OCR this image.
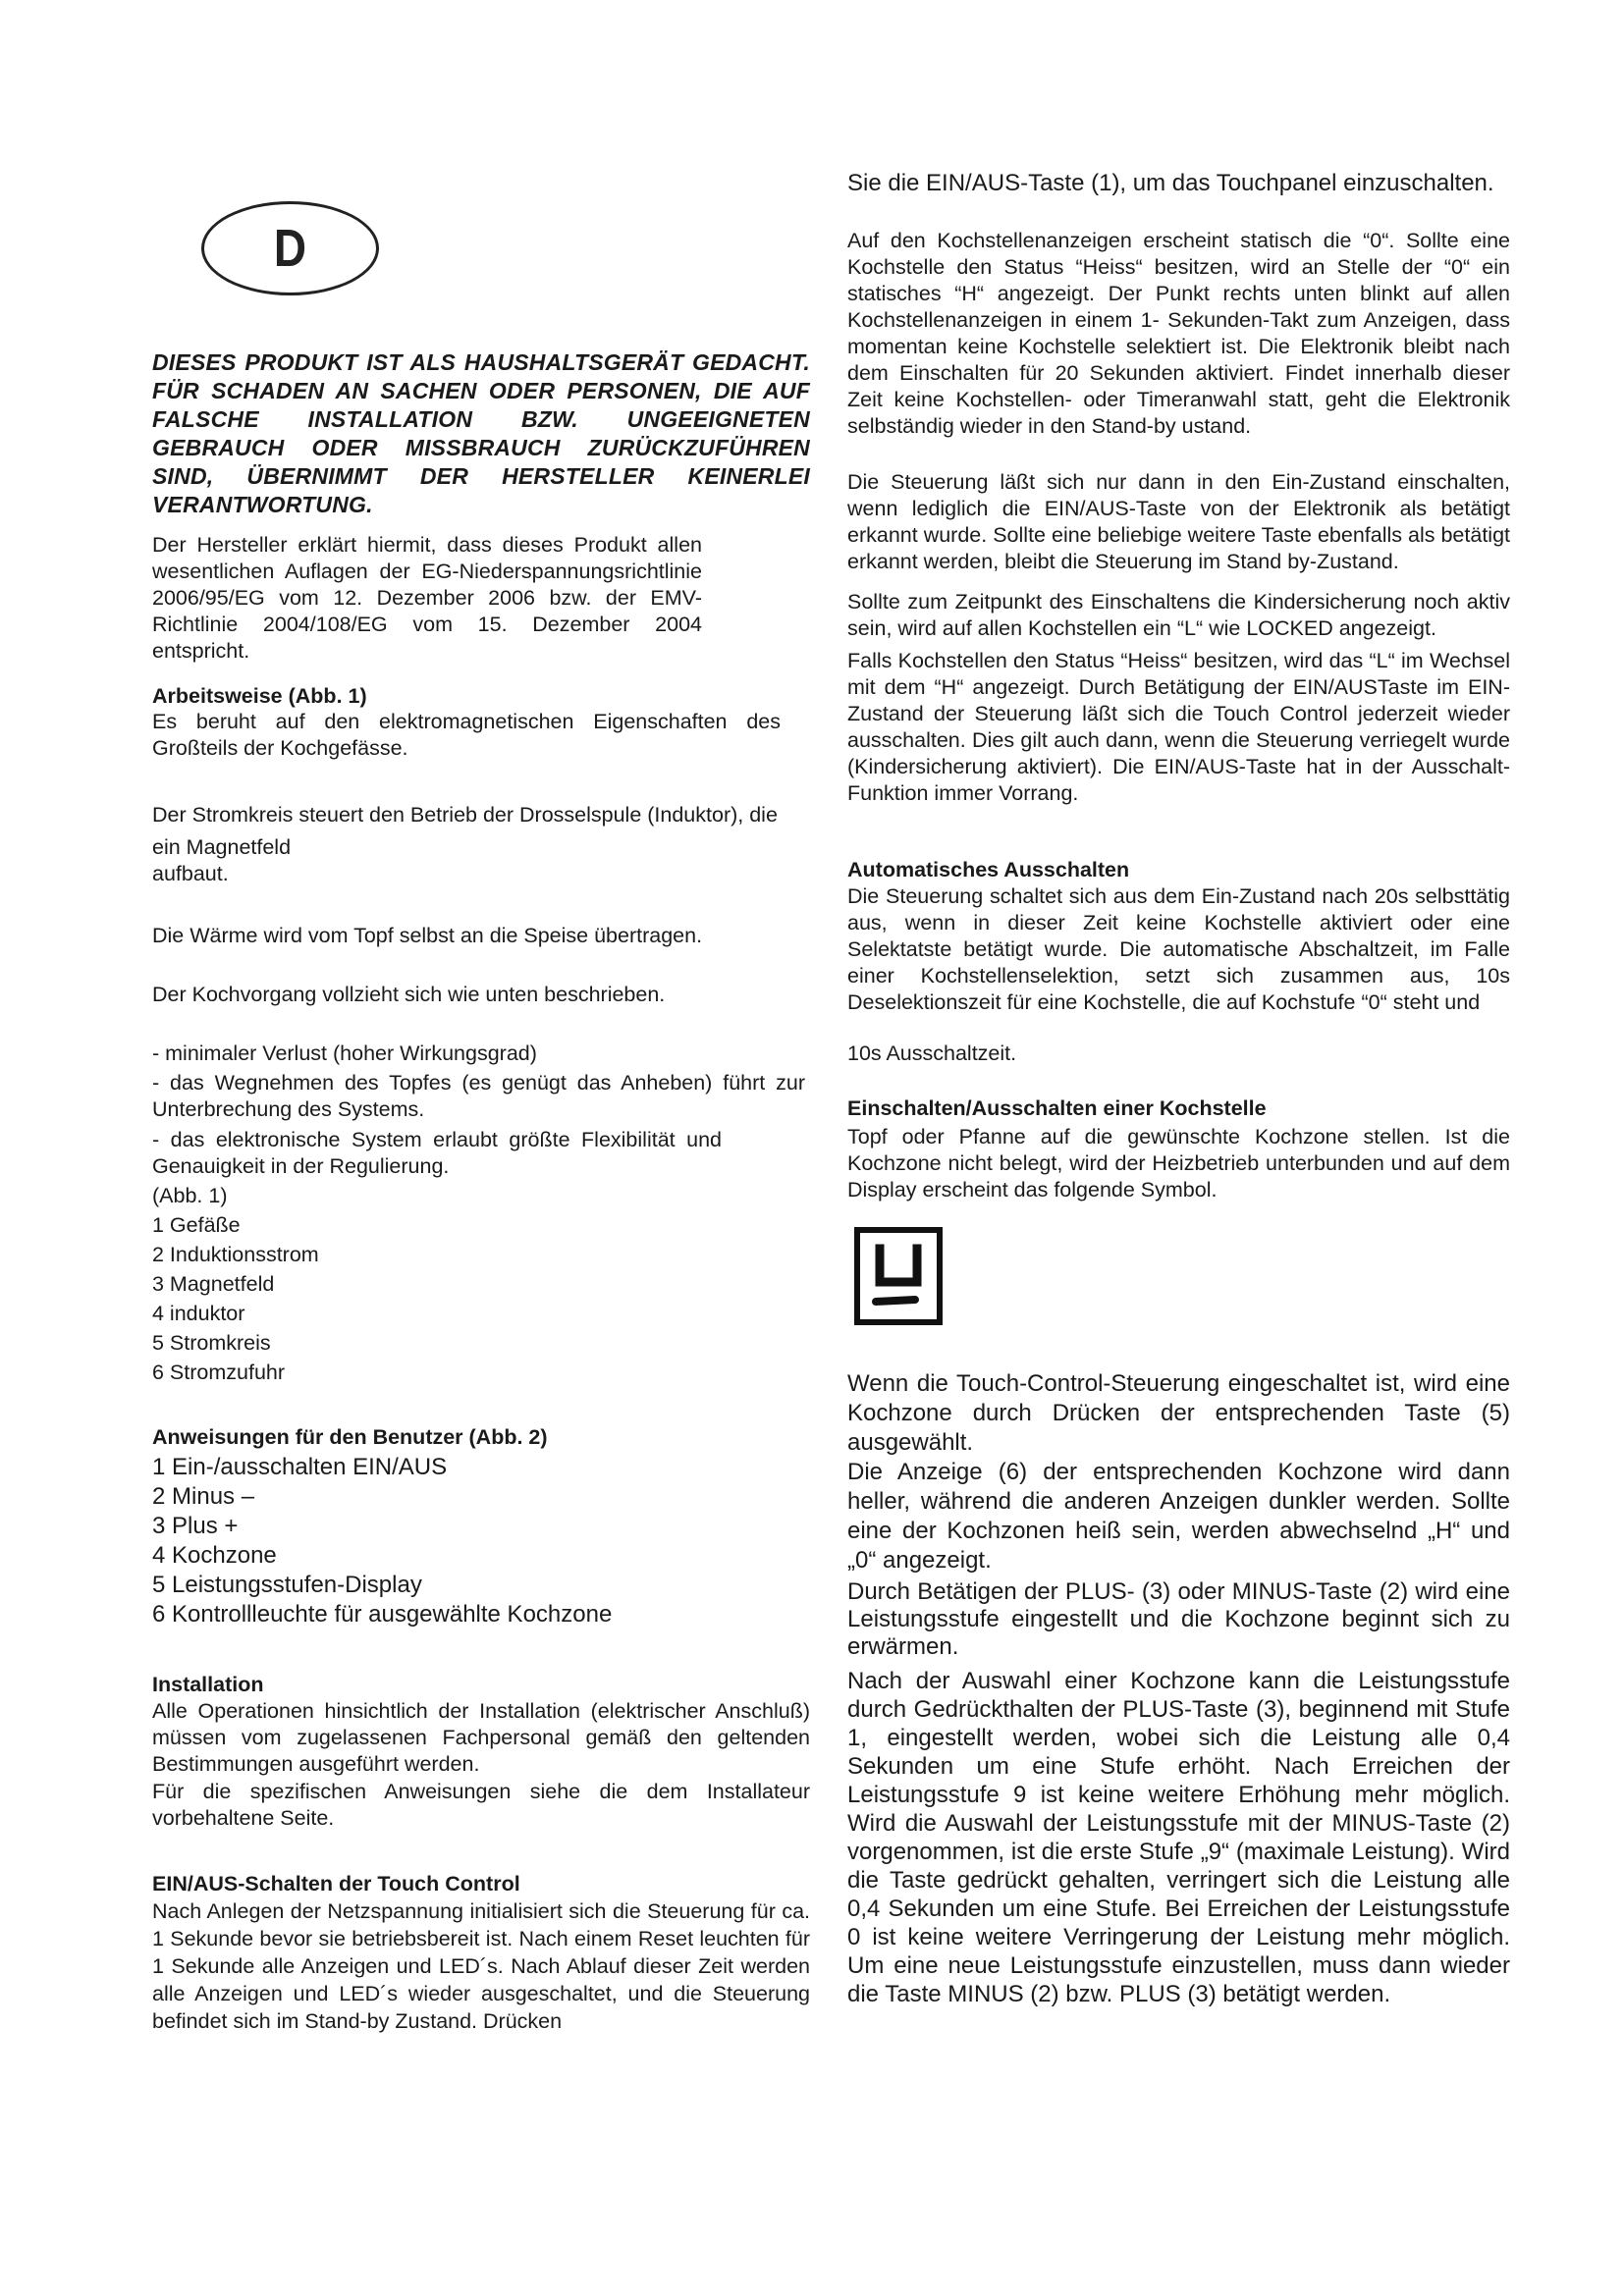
D

DIESES PRODUKT IST ALS HAUSHALTSGERÄT GEDACHT. FÜR SCHADEN AN SACHEN ODER PERSONEN, DIE AUF FALSCHE INSTALLATION BZW. UNGEEIGNETEN GEBRAUCH ODER MISSBRAUCH ZURÜCKZUFÜHREN SIND, ÜBERNIMMT DER HERSTELLER KEINERLEI VERANTWORTUNG.

Der Hersteller erklärt hiermit, dass dieses Produkt allen wesentlichen Auflagen der EG-Niederspannungsrichtlinie 2006/95/EG vom 12. Dezember 2006 bzw. der EMV-Richtlinie 2004/108/EG vom 15. Dezember 2004 entspricht.
Arbeitsweise (Abb. 1)
Es beruht auf den elektromagnetischen Eigenschaften des Großteils der Kochgefässe.
Der Stromkreis steuert den Betrieb der Drosselspule (Induktor), die
ein Magnetfeld
aufbaut.
Die Wärme wird vom Topf selbst an die Speise übertragen.
Der Kochvorgang vollzieht sich wie unten beschrieben.
- minimaler Verlust (hoher Wirkungsgrad)
- das Wegnehmen des Topfes (es genügt das Anheben) führt zur Unterbrechung des Systems.
- das elektronische System erlaubt größte Flexibilität und Genauigkeit in der Regulierung.
(Abb. 1)
1 Gefäße
2 Induktionsstrom
3 Magnetfeld
4 induktor
5 Stromkreis
6 Stromzufuhr
Anweisungen für den Benutzer (Abb. 2)
1 Ein-/ausschalten EIN/AUS
2 Minus –
3 Plus +
4 Kochzone
5 Leistungsstufen-Display
6 Kontrollleuchte für ausgewählte Kochzone
Installation
Alle Operationen hinsichtlich der Installation (elektrischer Anschluß) müssen vom zugelassenen Fachpersonal gemäß den geltenden Bestimmungen ausgeführt werden.
Für die spezifischen Anweisungen siehe die dem Installateur vorbehaltene Seite.
EIN/AUS-Schalten der Touch Control
Nach Anlegen der Netzspannung initialisiert sich die Steuerung für ca. 1 Sekunde bevor sie betriebsbereit ist. Nach einem Reset leuchten für 1 Sekunde alle Anzeigen und LED´s. Nach Ablauf dieser Zeit werden alle Anzeigen und LED´s wieder ausgeschaltet, und die Steuerung befindet sich im Stand-by Zustand. Drücken
Sie die EIN/AUS-Taste (1), um das Touchpanel einzuschalten.
Auf den Kochstellenanzeigen erscheint statisch die “0“. Sollte eine Kochstelle den Status “Heiss“ besitzen, wird an Stelle der “0“ ein statisches “H“ angezeigt. Der Punkt rechts unten blinkt auf allen Kochstellenanzeigen in einem 1- Sekunden-Takt zum Anzeigen, dass momentan keine Kochstelle selektiert ist. Die Elektronik bleibt nach dem Einschalten für 20 Sekunden aktiviert. Findet innerhalb dieser Zeit keine Kochstellen- oder Timeranwahl statt, geht die Elektronik selbständig wieder in den Stand-by ustand.
Die Steuerung läßt sich nur dann in den Ein-Zustand einschalten, wenn lediglich die EIN/AUS-Taste von der Elektronik als betätigt erkannt wurde. Sollte eine beliebige weitere Taste ebenfalls als betätigt erkannt werden, bleibt die Steuerung im Stand by-Zustand.
Sollte zum Zeitpunkt des Einschaltens die Kindersicherung noch aktiv sein, wird auf allen Kochstellen ein “L“ wie LOCKED angezeigt.
Falls Kochstellen den Status “Heiss“ besitzen, wird das “L“ im Wechsel mit dem “H“ angezeigt. Durch Betätigung der EIN/AUSTaste im EIN-Zustand der Steuerung läßt sich die Touch Control jederzeit wieder ausschalten. Dies gilt auch dann, wenn die Steuerung verriegelt wurde (Kindersicherung aktiviert). Die EIN/AUS-Taste hat in der Ausschalt-Funktion immer Vorrang.
Automatisches Ausschalten
Die Steuerung schaltet sich aus dem Ein-Zustand nach 20s selbsttätig aus, wenn in dieser Zeit keine Kochstelle aktiviert oder eine Selektatste betätigt wurde. Die automatische Abschaltzeit, im Falle einer Kochstellenselektion, setzt sich zusammen aus, 10s Deselektionszeit für eine Kochstelle, die auf Kochstufe “0“ steht und
10s Ausschaltzeit.
Einschalten/Ausschalten einer Kochstelle
Topf oder Pfanne auf die gewünschte Kochzone stellen. Ist die Kochzone nicht belegt, wird der Heizbetrieb unterbunden und auf dem Display erscheint das folgende Symbol.
Wenn die Touch-Control-Steuerung eingeschaltet ist, wird eine Kochzone durch Drücken der entsprechenden Taste (5) ausgewählt.
Die Anzeige (6) der entsprechenden Kochzone wird dann heller, während die anderen Anzeigen dunkler werden. Sollte eine der Kochzonen heiß sein, werden abwechselnd „H“ und „0“ angezeigt.
Durch Betätigen der PLUS- (3) oder MINUS-Taste (2) wird eine Leistungsstufe eingestellt und die Kochzone beginnt sich zu erwärmen.
Nach der Auswahl einer Kochzone kann die Leistungsstufe durch Gedrückthalten der PLUS-Taste (3), beginnend mit Stufe 1, eingestellt werden, wobei sich die Leistung alle 0,4 Sekunden um eine Stufe erhöht. Nach Erreichen der Leistungsstufe 9 ist keine weitere Erhöhung mehr möglich. Wird die Auswahl der Leistungsstufe mit der MINUS-Taste (2) vorgenommen, ist die erste Stufe „9“ (maximale Leistung). Wird die Taste gedrückt gehalten, verringert sich die Leistung alle 0,4 Sekunden um eine Stufe. Bei Erreichen der Leistungsstufe 0 ist keine weitere Verringerung der Leistung mehr möglich. Um eine neue Leistungsstufe einzustellen, muss dann wieder die Taste MINUS (2) bzw. PLUS (3) betätigt werden.
